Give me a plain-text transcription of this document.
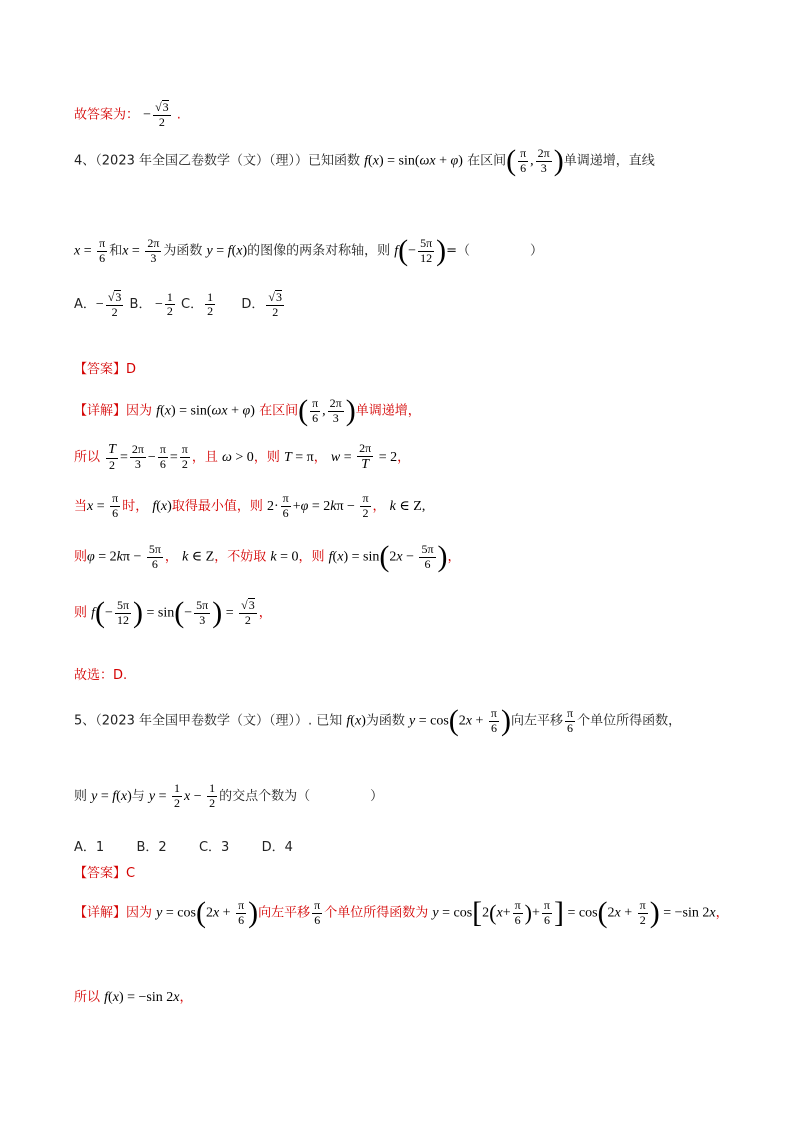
故答案为： − $\frac{√3}{2}$ .
4、（2023 年全国乙卷数学（文）（理））已知函数 f(x) = sin(ωx + φ) 在区间( $\frac{\pi}{6}$ , $\frac{2\pi}{3}$ )单调递增，直线
$x = \frac{\pi}{6}$ 和$x = \frac{2\pi}{3}$ 为函数 y = f(x)的图像的两条对称轴，则 $f(- \frac{5\pi}{12}$ )=（	）
A．− $\frac{√3}{2}$ B． − $\frac{1}{2}$ C． $\frac{1}{2}$ D． $\frac{√3}{2}$
【答案】D
【详解】因为 f(x) = sin(ωx + φ) 在区间( $\frac{\pi}{6}$ , $\frac{2\pi}{3}$ )单调递增，
所以 $\frac{T}{2} = \frac{2\pi}{3} - \frac{\pi}{6} = \frac{\pi}{2}$ ，且 ω > 0，则 T = π， $w = \frac{2\pi}{T} = 2$，
当$x = \frac{\pi}{6}$ 时， f(x)取得最小值，则 $2\cdot \frac{\pi}{6} +\varphi = 2k\pi - \frac{\pi}{2}$ ， k ∈ Z,
则$\varphi = 2k\pi - \frac{5\pi}{6}$ ， k ∈ Z，不妨取 k = 0，则 $f(x) = \sin(2x - \frac{5\pi}{6}$ )，
则 $f(- \frac{5\pi}{12}$ ) = $\sin(- \frac{5\pi}{3}$ ) = $\frac{√3}{2}$ ，
故选：D.
5、（2023 年全国甲卷数学（文）（理））. 已知 f(x)为函数 $y = \cos(2x + \frac{\pi}{6}$ )向左平移 $\frac{\pi}{6}$ 个单位所得函数，
则 y = f(x)与 $y = \frac{1}{2}$ $x - \frac{1}{2}$ 的交点个数为（	）
A．1 B．2 C．3 D．4
【答案】C
【详解】因为 $y = \cos(2x + \frac{\pi}{6}$ )向左平移 $\frac{\pi}{6}$ 个单位所得函数为 $y = \cos[2(x+ \frac{\pi}{6}$ )+ $\frac{\pi}{6}$ ] = $\cos(2x + \frac{\pi}{2}$ ) = −sin 2x，
所以 f(x) = −sin 2x，
